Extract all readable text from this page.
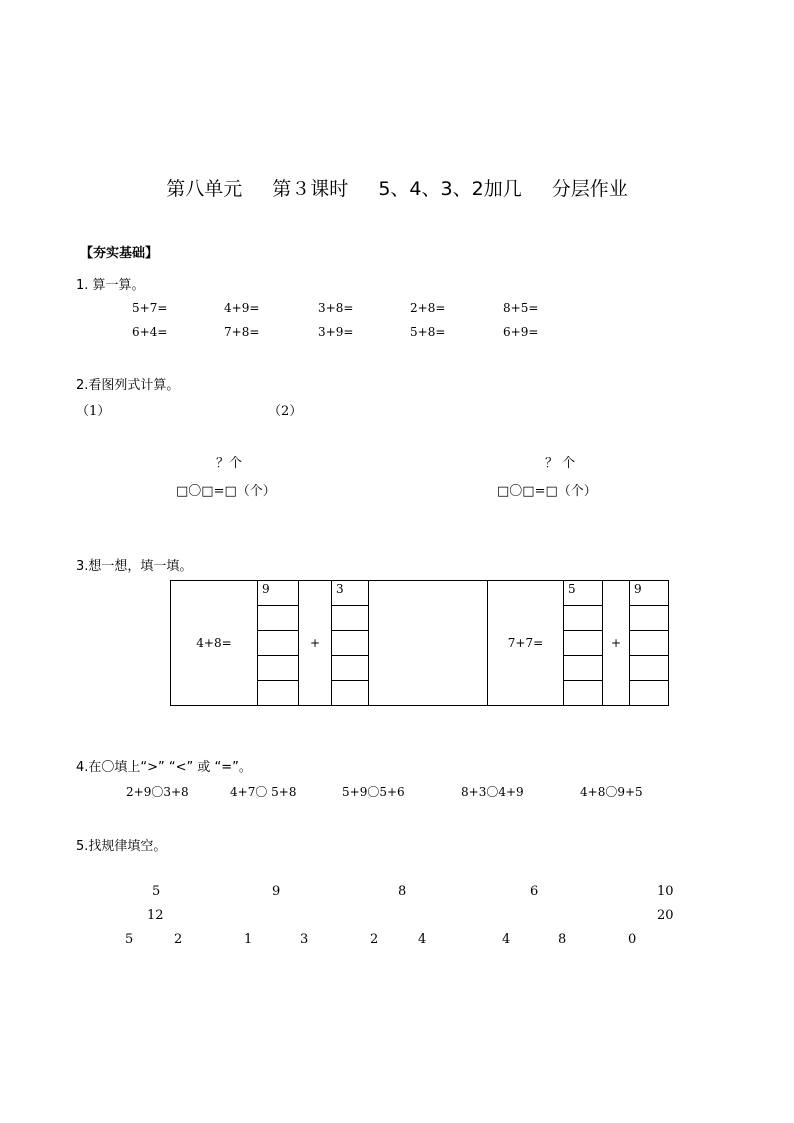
第八单元 第３课时 5、4、3、2加几 分层作业
【夯实基础】
1. 算一算。
5+7=	4+9=	3+8=	2+8=	8+5=
6+4=	7+8=	3+9=	5+8=	6+9=
2.看图列式计算。
（1）	（2）
？个	？ 个
□〇□=□（个）	□〇□=□（个）
3.想一想，填一填。
4+8=	9	+	3		7+7=	5	+	9

4.在〇填上“>” “<” 或 “=”。
2+9〇3+8	4+7〇 5+8	5+9〇5+6	8+3〇4+9	4+8〇9+5
5.找规律填空。
5	9	8	6	10
12	20
5	2	1	3	2	4	4	8	0
